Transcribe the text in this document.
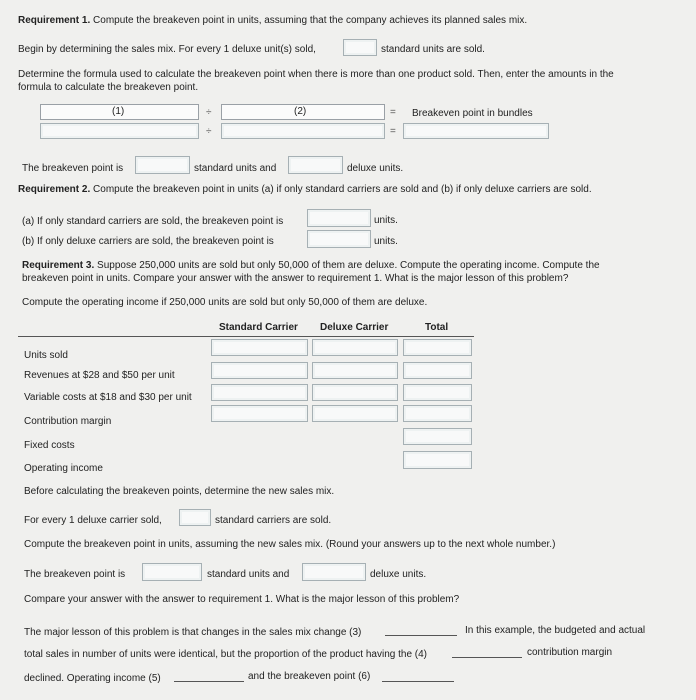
Requirement 1. Compute the breakeven point in units, assuming that the company achieves its planned sales mix.
Begin by determining the sales mix. For every 1 deluxe unit(s) sold,	standard units are sold.
Determine the formula used to calculate the breakeven point when there is more than one product sold. Then, enter the amounts in the
formula to calculate the breakeven point.
(1)	÷	(2)	= Breakeven point in bundles
÷	=
The breakeven point is	standard units and	deluxe units.
Requirement 2. Compute the breakeven point in units (a) if only standard carriers are sold and (b) if only deluxe carriers are sold.
(a) If only standard carriers are sold, the breakeven point is	units.
(b) If only deluxe carriers are sold, the breakeven point is	units.
Requirement 3. Suppose 250,000 units are sold but only 50,000 of them are deluxe. Compute the operating income. Compute the
breakeven point in units. Compare your answer with the answer to requirement 1. What is the major lesson of this problem?
Compute the operating income if 250,000 units are sold but only 50,000 of them are deluxe.
Standard Carrier Deluxe Carrier	Total
Units sold
Revenues at $28 and $50 per unit
Variable costs at $18 and $30 per unit
Contribution margin
Fixed costs
Operating income
Before calculating the breakeven points, determine the new sales mix.
For every 1 deluxe carrier sold,	standard carriers are sold.
Compute the breakeven point in units, assuming the new sales mix. (Round your answers up to the next whole number.)
The breakeven point is	standard units and	deluxe units.
Compare your answer with the answer to requirement 1. What is the major lesson of this problem?
The major lesson of this problem is that changes in the sales mix change (3)	In this example, the budgeted and actual
total sales in number of units were identical, but the proportion of the product having the (4)	contribution margin
declined. Operating income (5)	and the breakeven point (6)
